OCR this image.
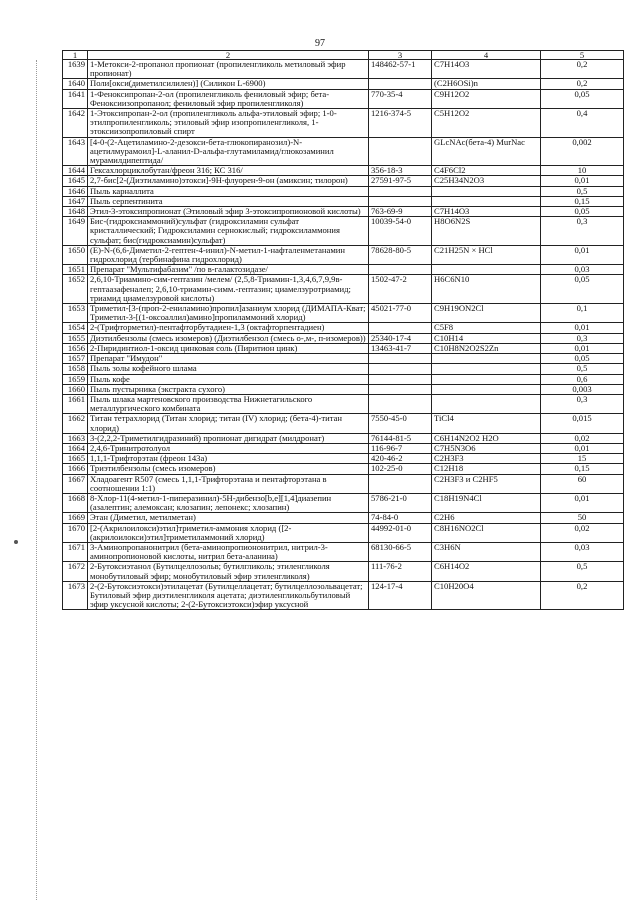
97
1	2	3	4	5
1639	1-Метокси-2-пропанол пропионат (пропиленгликоль метиловый эфир пропионат)	148462-57-1	C7H14O3	0,2
1640	Поли[окси(диметилсилилен)] (Силикон L-6900)		(C2H6OSi)n	0,2
1641	1-Феноксипропан-2-ол (пропиленгликоль фениловый эфир; бета-Феноксиизопропанол; фениловый эфир пропиленгликоля)	770-35-4	C9H12O2	0,05
1642	1-Этоксипропан-2-ол (пропиленгликоль альфа-этиловый эфир; 1-0-этилпропиленгликоль; этиловый эфир изопропиленгликоля, 1-этоксиизопропиловый спирт	1216-374-5	C5H12O2	0,4
1643	[4-0-(2-Ацетиламино-2-дезокси-бета-глюкопиранозил)-N-ацетилмурамоил]-L-аланил-D-альфа-глутамиламид/глюкозаминил мурамилдипептида/		GLcNAc(бета-4) MurNac	0,002
1644	Гексахлорциклобутан/фреон 316; КС 316/	356-18-3	C4F6Cl2	10
1645	2,7-бис[2-(Диэтиламино)этокси]-9Н-флуорен-9-он (амиксин; тилорон)	27591-97-5	C25H34N2O3	0,01
1646	Пыль карналлита			0,5
1647	Пыль серпентинита			0,15
1648	Этил-3-этоксипропионат (Этиловый эфир 3-этоксипропионовой кислоты)	763-69-9	C7H14O3	0,05
1649	Бис-(гидроксиаммоний)сульфат (гидроксиламин сульфат кристаллический; Гидроксиламин сернокислый; гидроксиламмония сульфат; бис(гидроксиамин)сульфат)	10039-54-0	H8O6N2S	0,3
1650	(E)-N-(6,6-Диметил-2-гептен-4-инил)-N-метил-1-нафталенметанамин гидрохлорид (тербинафина гидрохлорид)	78628-80-5	C21H25N × HCl	0,01
1651	Препарат "Мультифабазим" /по в-галактозидазе/			0,03
1652	2,6,10-Триамино-сим-гептазин /мелем/ (2,5,8-Триамин-1,3,4,6,7,9,9в-гептаазафеналеп; 2,6,10-триамин-симм.-гептазин; циамелзуротриамид; триамид циамелзуровой кислоты)	1502-47-2	H6C6N10	0,05
1653	Триметил-[3-(проп-2-ениламино)пропил]азаниум хлорид (ДИМАПА-Кват; Триметил-3-[(1-оксоаллил)амино]пропиламмоний хлорид)	45021-77-0	C9H19ON2Cl	0,1
1654	2-(Трифторметил)-пентафторбутадиен-1,3 (октафторпентадиен)		C5F8	0,01
1655	Диэтилбензолы (смесь изомеров) (Диэтилбензол (смесь о-,м-, п-изомеров))	25340-17-4	C10H14	0,3
1656	2-Пиридинтиол-1-оксид цинковая соль (Пиритион цинк)	13463-41-7	C10H8N2O2S2Zn	0,01
1657	Препарат "Имудон"			0,05
1658	Пыль золы кофейного шлама			0,5
1659	Пыль кофе			0,6
1660	Пыль пустырника (экстракта сухого)			0,003
1661	Пыль шлака мартеновского производства Нижнетагильского металлургического комбината			0,3
1662	Титан тетрахлорид (Титан хлорид; титан (IV) хлорид; (бета-4)-титан хлорид)	7550-45-0	TiCl4	0,015
1663	3-(2,2,2-Триметилгидразиний) пропионат дигидрат (милдронат)	76144-81-5	C6H14N2O2 H2O	0,02
1664	2,4,6-Тринитротолуол	116-96-7	C7H5N3O6	0,01
1665	1,1,1-Трифторэтан (фреон 143а)	420-46-2	C2H3F3	15
1666	Триэтилбензолы (смесь изомеров)	102-25-0	C12H18	0,15
1667	Хладоагент R507 (смесь 1,1,1-Трифторэтана и пентафторэтана в соотношении 1:1)		C2H3F3 и C2HF5	60
1668	8-Хлор-11(4-метил-1-пиперазинил)-5Н-дибензо[b,e][1,4]диазепин (азалептин; алемоксан; клозапин; лепонекс; хлозапин)	5786-21-0	C18H19N4Cl	0,01
1669	Этан (Диметил, метилметан)	74-84-0	C2H6	50
1670	[2-(Акрилоилокси)этил]триметил-аммония хлорид ([2-(акрилоилокси)этил]триметиламмоний хлорид)	44992-01-0	C8H16NO2Cl	0,02
1671	3-Аминопропанонитрил (бета-аминопропиононитрил, нитрил-3-аминопропионовой кислоты, нитрил бета-аланина)	68130-66-5	C3H6N	0,03
1672	2-Бутоксиэтанол (Бутилцеллозольв; бутилгликоль; этиленгликоля монобутиловый эфир; монобутиловый эфир этиленгликоля)	111-76-2	C6H14O2	0,5
1673	2-(2-Бутоксиэтокси)этилацетат (Бутилцеллацетат; бутилцеллозольвацетат; Бутиловый эфир диэтиленгликоля ацетата; диэтиленгликольбутиловый эфир уксусной кислоты; 2-(2-Бутоксиэтокси)эфир уксусной	124-17-4	C10H20O4	0,2
